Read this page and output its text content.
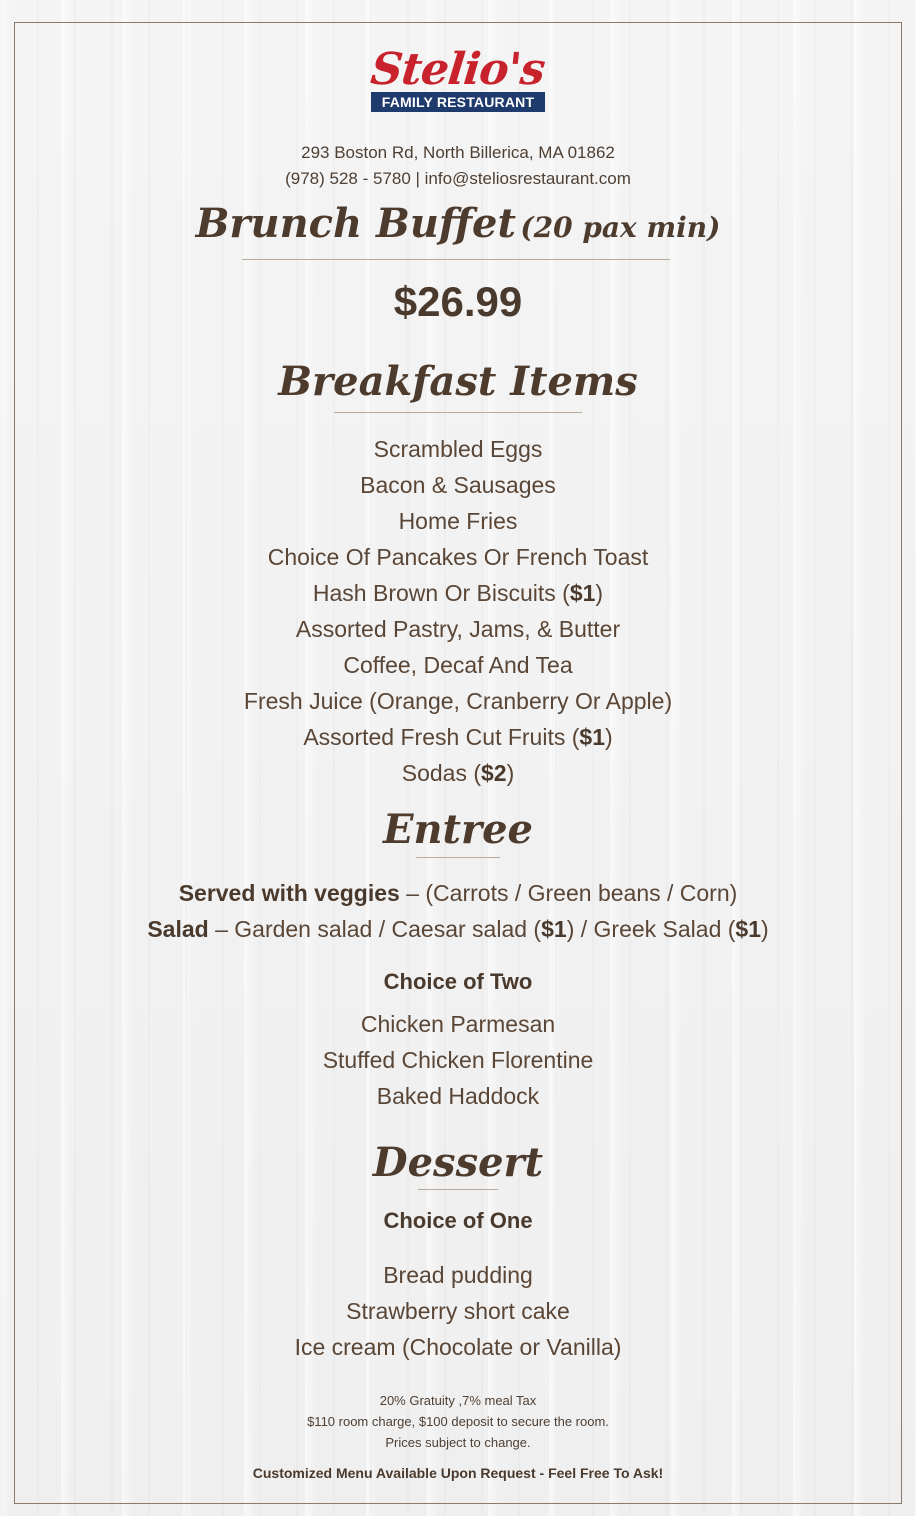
Stelio's
FAMILY RESTAURANT
293 Boston Rd, North Billerica, MA 01862
(978) 528 - 5780 | info@steliosrestaurant.com
Brunch Buffet (20 pax min)
$26.99
Breakfast Items
Scrambled Eggs
Bacon & Sausages
Home Fries
Choice Of Pancakes Or French Toast
Hash Brown Or Biscuits ($1)
Assorted Pastry, Jams, & Butter
Coffee, Decaf And Tea
Fresh Juice (Orange, Cranberry Or Apple)
Assorted Fresh Cut Fruits ($1)
Sodas ($2)
Entree
Served with veggies – (Carrots / Green beans / Corn)
Salad – Garden salad / Caesar salad ($1) / Greek Salad ($1)
Choice of Two
Chicken Parmesan
Stuffed Chicken Florentine
Baked Haddock
Dessert
Choice of One
Bread pudding
Strawberry short cake
Ice cream (Chocolate or Vanilla)
20% Gratuity ,7% meal Tax
$110 room charge, $100 deposit to secure the room.
Prices subject to change.
Customized Menu Available Upon Request - Feel Free To Ask!
